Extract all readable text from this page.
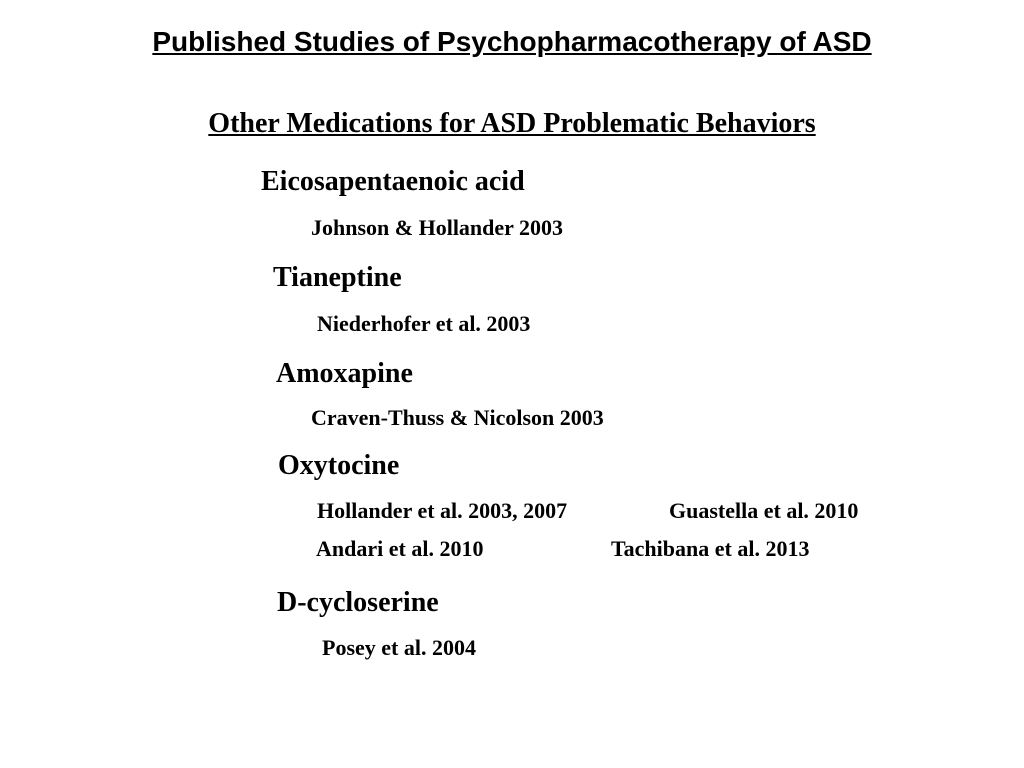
Published Studies of Psychopharmacotherapy of ASD
Other Medications for ASD Problematic Behaviors
Eicosapentaenoic acid
Johnson & Hollander 2003
Tianeptine
Niederhofer et al. 2003
Amoxapine
Craven-Thuss & Nicolson 2003
Oxytocine
Hollander et al. 2003, 2007	Guastella et al. 2010
Andari et al. 2010	Tachibana et al. 2013
D-cycloserine
Posey et al. 2004
